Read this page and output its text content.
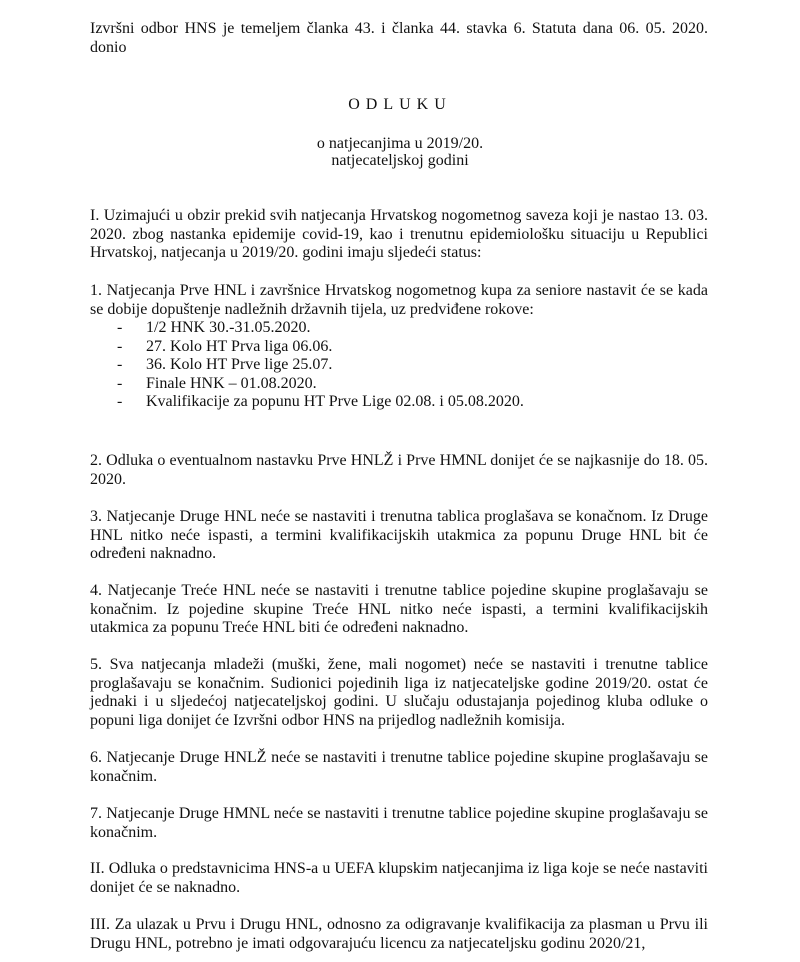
Izvršni odbor HNS je temeljem članka 43. i članka 44. stavka 6. Statuta dana 06. 05. 2020. donio
ODLUKU
o natjecanjima u 2019/20.
natjecateljskoj godini
I. Uzimajući u obzir prekid svih natjecanja Hrvatskog nogometnog saveza koji je nastao 13. 03. 2020. zbog nastanka epidemije covid-19, kao i trenutnu epidemiološku situaciju u Republici Hrvatskoj, natjecanja u 2019/20. godini imaju sljedeći status:
1. Natjecanja Prve HNL i završnice Hrvatskog nogometnog kupa za seniore nastavit će se kada se dobije dopuštenje nadležnih državnih tijela, uz predviđene rokove:
- 1/2 HNK 30.-31.05.2020.
- 27. Kolo HT Prva liga 06.06.
- 36. Kolo HT Prve lige 25.07.
- Finale HNK – 01.08.2020.
- Kvalifikacije za popunu HT Prve Lige 02.08. i 05.08.2020.
2. Odluka o eventualnom nastavku Prve HNLŽ i Prve HMNL donijet će se najkasnije do 18. 05. 2020.
3. Natjecanje Druge HNL neće se nastaviti i trenutna tablica proglašava se konačnom. Iz Druge HNL nitko neće ispasti, a termini kvalifikacijskih utakmica za popunu Druge HNL bit će određeni naknadno.
4. Natjecanje Treće HNL neće se nastaviti i trenutne tablice pojedine skupine proglašavaju se konačnim. Iz pojedine skupine Treće HNL nitko neće ispasti, a termini kvalifikacijskih utakmica za popunu Treće HNL biti će određeni naknadno.
5. Sva natjecanja mladeži (muški, žene, mali nogomet) neće se nastaviti i trenutne tablice proglašavaju se konačnim. Sudionici pojedinih liga iz natjecateljske godine 2019/20. ostat će jednaki i u sljedećoj natjecateljskoj godini. U slučaju odustajanja pojedinog kluba odluke o popuni liga donijet će Izvršni odbor HNS na prijedlog nadležnih komisija.
6. Natjecanje Druge HNLŽ neće se nastaviti i trenutne tablice pojedine skupine proglašavaju se konačnim.
7. Natjecanje Druge HMNL neće se nastaviti i trenutne tablice pojedine skupine proglašavaju se konačnim.
II. Odluka o predstavnicima HNS-a u UEFA klupskim natjecanjima iz liga koje se neće nastaviti donijet će se naknadno.
III. Za ulazak u Prvu i Drugu HNL, odnosno za odigravanje kvalifikacija za plasman u Prvu ili Drugu HNL, potrebno je imati odgovarajuću licencu za natjecateljsku godinu 2020/21,
